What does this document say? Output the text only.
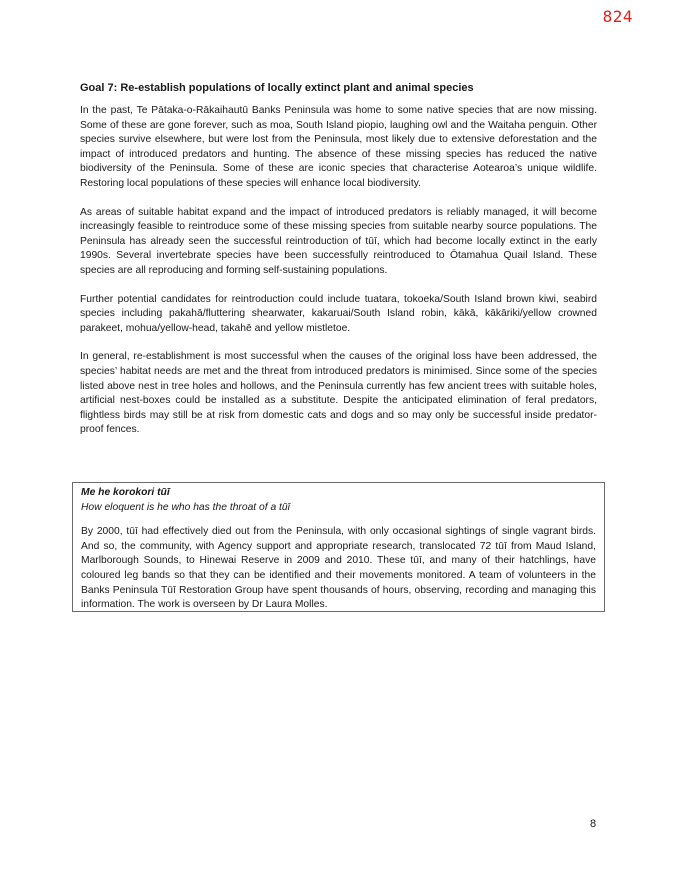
824
Goal 7: Re-establish populations of locally extinct plant and animal species

In the past, Te Pātaka-o-Rākaihautū Banks Peninsula was home to some native species that are now missing. Some of these are gone forever, such as moa, South Island piopio, laughing owl and the Waitaha penguin. Other species survive elsewhere, but were lost from the Peninsula, most likely due to extensive deforestation and the impact of introduced predators and hunting. The absence of these missing species has reduced the native biodiversity of the Peninsula. Some of these are iconic species that characterise Aotearoa’s unique wildlife. Restoring local populations of these species will enhance local biodiversity.

As areas of suitable habitat expand and the impact of introduced predators is reliably managed, it will become increasingly feasible to reintroduce some of these missing species from suitable nearby source populations. The Peninsula has already seen the successful reintroduction of tūī, which had become locally extinct in the early 1990s. Several invertebrate species have been successfully reintroduced to Ōtamahua Quail Island. These species are all reproducing and forming self-sustaining populations.

Further potential candidates for reintroduction could include tuatara, tokoeka/South Island brown kiwi, seabird species including pakahā/fluttering shearwater, kakaruai/South Island robin, kākā, kākāriki/yellow crowned parakeet, mohua/yellow-head, takahē and yellow mistletoe.

In general, re-establishment is most successful when the causes of the original loss have been addressed, the species’ habitat needs are met and the threat from introduced predators is minimised. Since some of the species listed above nest in tree holes and hollows, and the Peninsula currently has few ancient trees with suitable holes, artificial nest-boxes could be installed as a substitute. Despite the anticipated elimination of feral predators, flightless birds may still be at risk from domestic cats and dogs and so may only be successful inside predator-proof fences.

Me he korokori tūī
How eloquent is he who has the throat of a tūī
By 2000, tūī had effectively died out from the Peninsula, with only occasional sightings of single vagrant birds. And so, the community, with Agency support and appropriate research, translocated 72 tūī from Maud Island, Marlborough Sounds, to Hinewai Reserve in 2009 and 2010. These tūī, and many of their hatchlings, have coloured leg bands so that they can be identified and their movements monitored. A team of volunteers in the Banks Peninsula Tūī Restoration Group have spent thousands of hours, observing, recording and managing this information. The work is overseen by Dr Laura Molles.
8
